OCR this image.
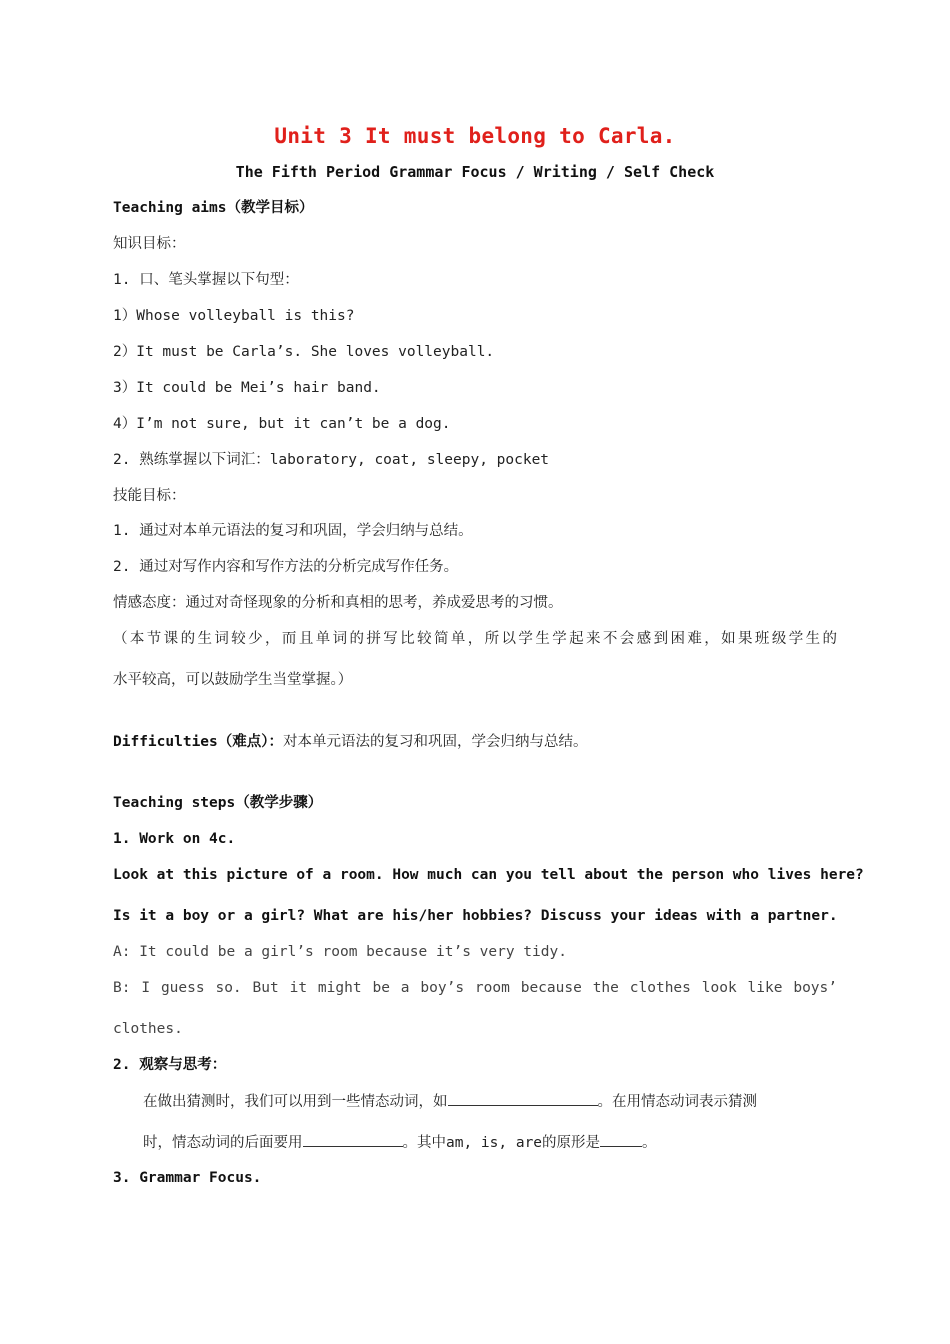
Unit 3 It must belong to Carla.
The Fifth Period Grammar Focus / Writing / Self Check
Teaching aims（教学目标）
知识目标：
1. 口、笔头掌握以下句型：
1）Whose volleyball is this?
2）It must be Carla’s. She loves volleyball.
3）It could be Mei’s hair band.
4）I’m not sure, but it can’t be a dog.
2. 熟练掌握以下词汇：laboratory, coat, sleepy, pocket
技能目标：
1. 通过对本单元语法的复习和巩固，学会归纳与总结。
2. 通过对写作内容和写作方法的分析完成写作任务。
情感态度：通过对奇怪现象的分析和真相的思考，养成爱思考的习惯。
（本节课的生词较少，而且单词的拼写比较简单，所以学生学起来不会感到困难，如果班级学生的
水平较高，可以鼓励学生当堂掌握。）
Difficulties（难点）：对本单元语法的复习和巩固，学会归纳与总结。
Teaching steps（教学步骤）
1. Work on 4c.
Look at this picture of a room. How much can you tell about the person who lives here?
Is it a boy or a girl? What are his/her hobbies? Discuss your ideas with a partner.
A: It could be a girl’s room because it’s very tidy.
B: I guess so. But it might be a boy’s room because the clothes look like boys’
clothes.
2. 观察与思考：
在做出猜测时，我们可以用到一些情态动词，如	。在用情态动词表示猜测
时，情态动词的后面要用	。其中am, is, are的原形是	。
3. Grammar Focus.
